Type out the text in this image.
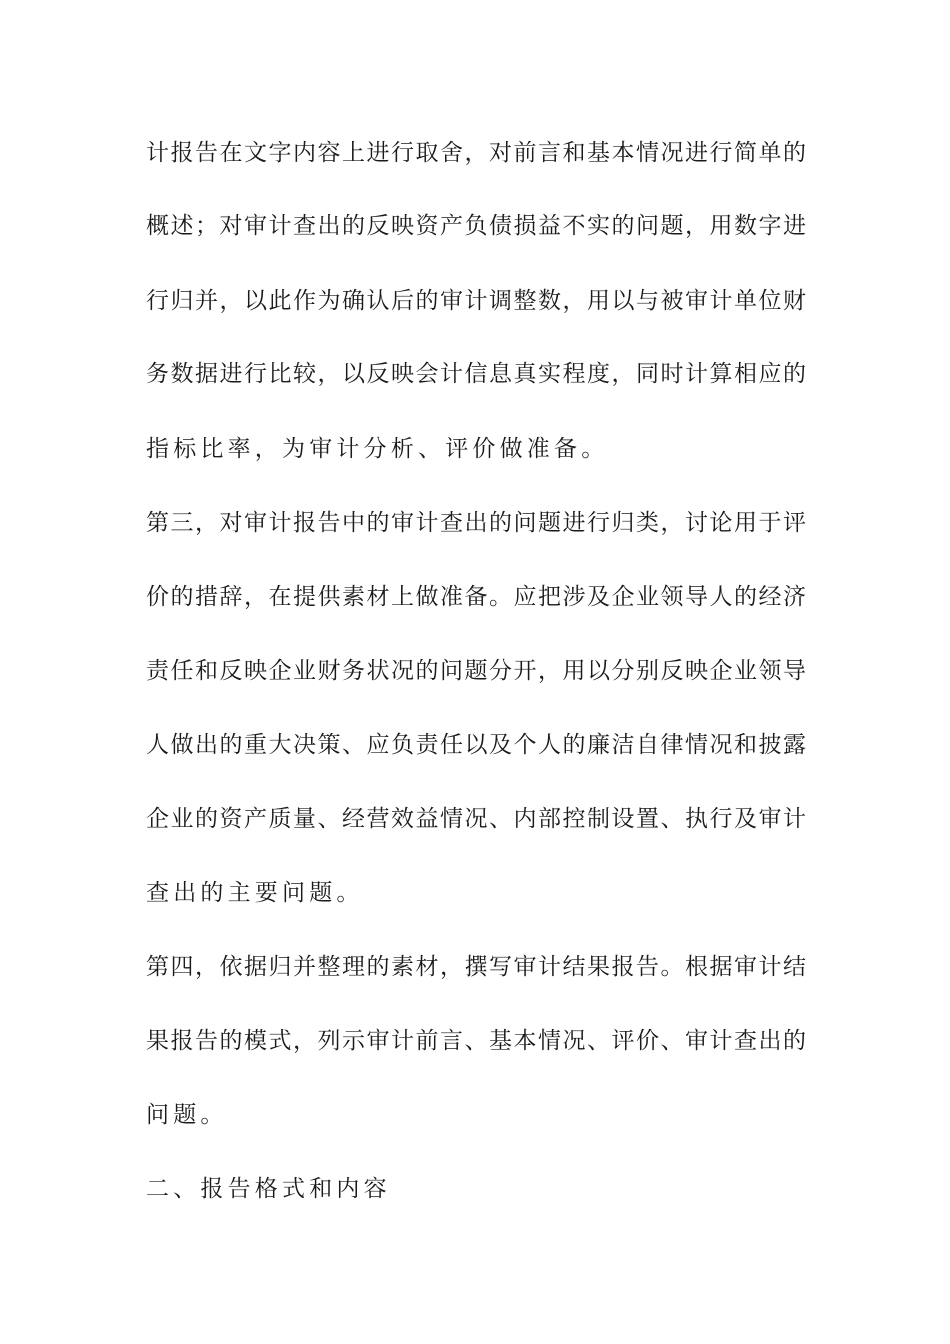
计报告在文字内容上进行取舍，对前言和基本情况进行简单的
概述；对审计查出的反映资产负债损益不实的问题，用数字进
行归并，以此作为确认后的审计调整数，用以与被审计单位财
务数据进行比较，以反映会计信息真实程度，同时计算相应的
指标比率，为审计分析、评价做准备。
第三，对审计报告中的审计查出的问题进行归类，讨论用于评
价的措辞，在提供素材上做准备。应把涉及企业领导人的经济
责任和反映企业财务状况的问题分开，用以分别反映企业领导
人做出的重大决策、应负责任以及个人的廉洁自律情况和披露
企业的资产质量、经营效益情况、内部控制设置、执行及审计
查出的主要问题。
第四，依据归并整理的素材，撰写审计结果报告。根据审计结
果报告的模式，列示审计前言、基本情况、评价、审计查出的
问题。
二、报告格式和内容
